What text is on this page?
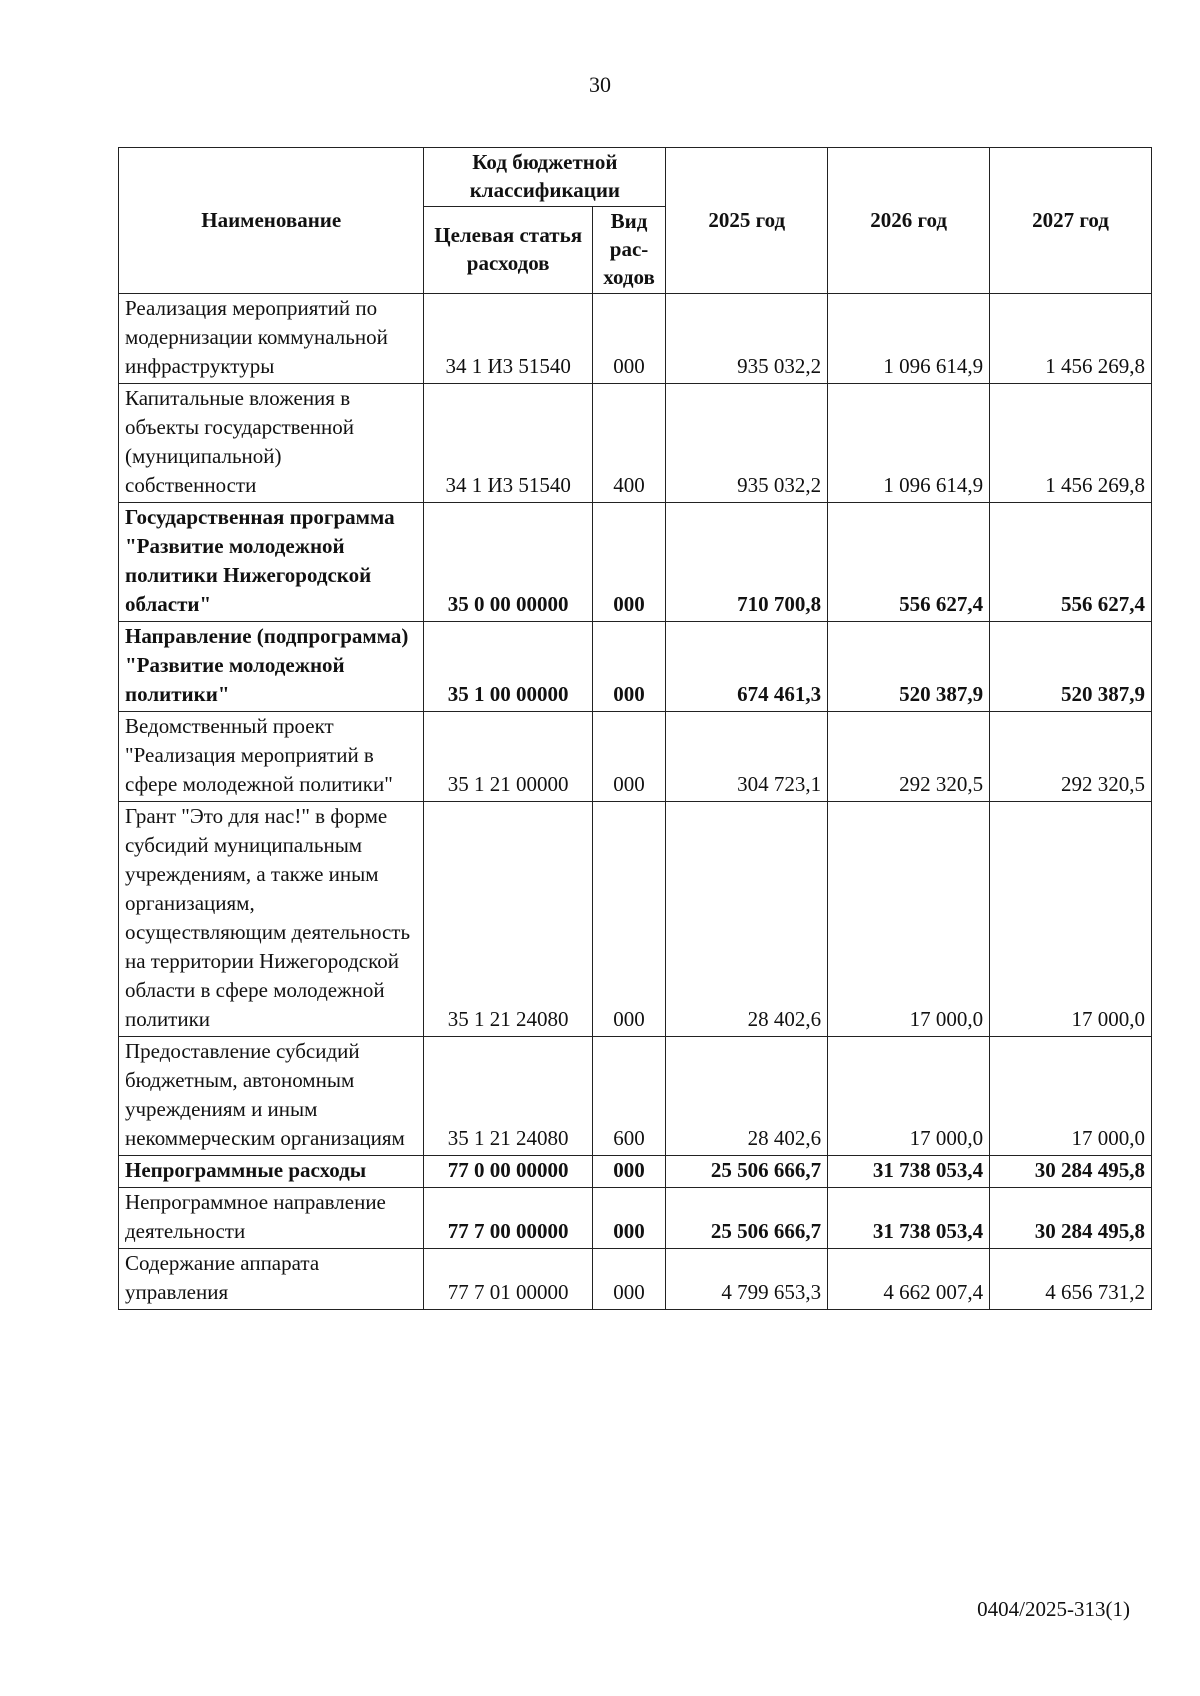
30
Наименование	Код бюджетной классификации		2025 год	2026 год	2027 год
	Целевая статья расходов	Вид рас-ходов			
Реализация мероприятий по модернизации коммунальной инфраструктуры	34 1 И3 51540	000	935 032,2	1 096 614,9	1 456 269,8
Капитальные вложения в объекты государственной (муниципальной) собственности	34 1 И3 51540	400	935 032,2	1 096 614,9	1 456 269,8
Государственная программа "Развитие молодежной политики Нижегородской области"	35 0 00 00000	000	710 700,8	556 627,4	556 627,4
Направление (подпрограмма) "Развитие молодежной политики"	35 1 00 00000	000	674 461,3	520 387,9	520 387,9
Ведомственный проект "Реализация мероприятий в сфере молодежной политики"	35 1 21 00000	000	304 723,1	292 320,5	292 320,5
Грант "Это для нас!" в форме субсидий муниципальным учреждениям, а также иным организациям, осуществляющим деятельность на территории Нижегородской области в сфере молодежной политики	35 1 21 24080	000	28 402,6	17 000,0	17 000,0
Предоставление субсидий бюджетным, автономным учреждениям и иным некоммерческим организациям	35 1 21 24080	600	28 402,6	17 000,0	17 000,0
Непрограммные расходы	77 0 00 00000	000	25 506 666,7	31 738 053,4	30 284 495,8
Непрограммное направление деятельности	77 7 00 00000	000	25 506 666,7	31 738 053,4	30 284 495,8
Содержание аппарата управления	77 7 01 00000	000	4 799 653,3	4 662 007,4	4 656 731,2
0404/2025-313(1)
